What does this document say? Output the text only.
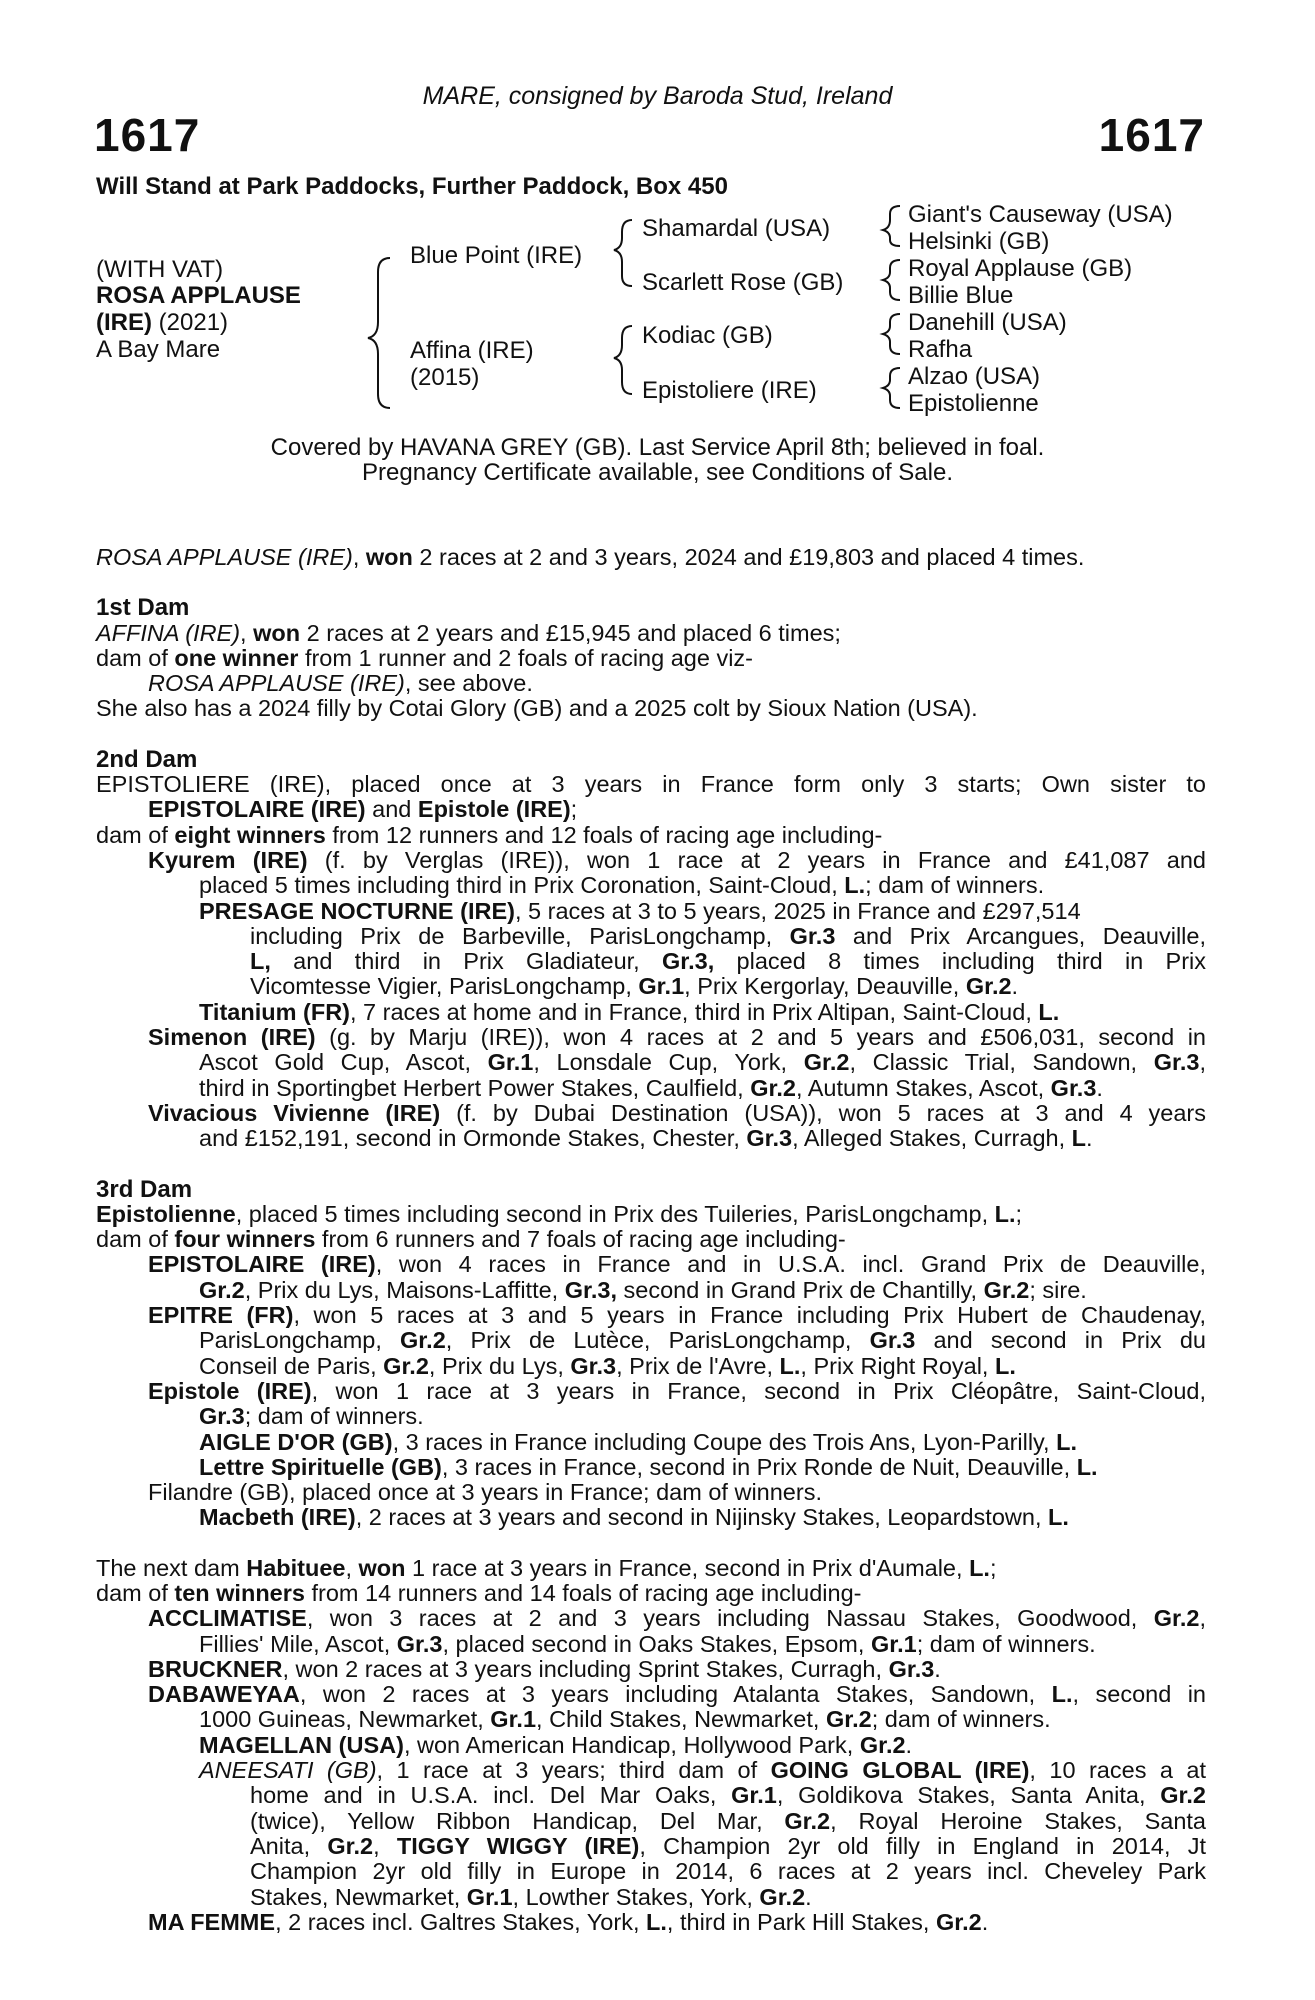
MARE, consigned by Baroda Stud, Ireland
1617	1617
Will Stand at Park Paddocks, Further Paddock, Box 450
(WITH VAT)
ROSA APPLAUSE
(IRE) (2021)
A Bay Mare
Blue Point (IRE)
Affina (IRE)
(2015)
Shamardal (USA)
Scarlett Rose (GB)
Kodiac (GB)
Epistoliere (IRE)
Giant's Causeway (USA)
Helsinki (GB)
Royal Applause (GB)
Billie Blue
Danehill (USA)
Rafha
Alzao (USA)
Epistolienne
Covered by HAVANA GREY (GB). Last Service April 8th; believed in foal.
Pregnancy Certificate available, see Conditions of Sale.

ROSA APPLAUSE (IRE), won 2 races at 2 and 3 years, 2024 and £19,803 and placed 4 times.

1st Dam

AFFINA (IRE), won 2 races at 2 years and £15,945 and placed 6 times;

dam of one winner from 1 runner and 2 foals of racing age viz-

ROSA APPLAUSE (IRE), see above.

She also has a 2024 filly by Cotai Glory (GB) and a 2025 colt by Sioux Nation (USA).

2nd Dam

EPISTOLIERE (IRE), placed once at 3 years in France form only 3 starts; Own sister to

EPISTOLAIRE (IRE) and Epistole (IRE);

dam of eight winners from 12 runners and 12 foals of racing age including-

Kyurem (IRE) (f. by Verglas (IRE)), won 1 race at 2 years in France and £41,087 and

placed 5 times including third in Prix Coronation, Saint-Cloud, L.; dam of winners.

PRESAGE NOCTURNE (IRE), 5 races at 3 to 5 years, 2025 in France and £297,514

including Prix de Barbeville, ParisLongchamp, Gr.3 and Prix Arcangues, Deauville,

L, and third in Prix Gladiateur, Gr.3, placed 8 times including third in Prix

Vicomtesse Vigier, ParisLongchamp, Gr.1, Prix Kergorlay, Deauville, Gr.2.

Titanium (FR), 7 races at home and in France, third in Prix Altipan, Saint-Cloud, L.

Simenon (IRE) (g. by Marju (IRE)), won 4 races at 2 and 5 years and £506,031, second in

Ascot Gold Cup, Ascot, Gr.1, Lonsdale Cup, York, Gr.2, Classic Trial, Sandown, Gr.3,

third in Sportingbet Herbert Power Stakes, Caulfield, Gr.2, Autumn Stakes, Ascot, Gr.3.

Vivacious Vivienne (IRE) (f. by Dubai Destination (USA)), won 5 races at 3 and 4 years

and £152,191, second in Ormonde Stakes, Chester, Gr.3, Alleged Stakes, Curragh, L.

3rd Dam

Epistolienne, placed 5 times including second in Prix des Tuileries, ParisLongchamp, L.;

dam of four winners from 6 runners and 7 foals of racing age including-

EPISTOLAIRE (IRE), won 4 races in France and in U.S.A. incl. Grand Prix de Deauville,

Gr.2, Prix du Lys, Maisons-Laffitte, Gr.3, second in Grand Prix de Chantilly, Gr.2; sire.

EPITRE (FR), won 5 races at 3 and 5 years in France including Prix Hubert de Chaudenay,

ParisLongchamp, Gr.2, Prix de Lutèce, ParisLongchamp, Gr.3 and second in Prix du

Conseil de Paris, Gr.2, Prix du Lys, Gr.3, Prix de l'Avre, L., Prix Right Royal, L.

Epistole (IRE), won 1 race at 3 years in France, second in Prix Cléopâtre, Saint-Cloud,

Gr.3; dam of winners.

AIGLE D'OR (GB), 3 races in France including Coupe des Trois Ans, Lyon-Parilly, L.

Lettre Spirituelle (GB), 3 races in France, second in Prix Ronde de Nuit, Deauville, L.

Filandre (GB), placed once at 3 years in France; dam of winners.

Macbeth (IRE), 2 races at 3 years and second in Nijinsky Stakes, Leopardstown, L.

The next dam Habituee, won 1 race at 3 years in France, second in Prix d'Aumale, L.;

dam of ten winners from 14 runners and 14 foals of racing age including-

ACCLIMATISE, won 3 races at 2 and 3 years including Nassau Stakes, Goodwood, Gr.2,

Fillies' Mile, Ascot, Gr.3, placed second in Oaks Stakes, Epsom, Gr.1; dam of winners.

BRUCKNER, won 2 races at 3 years including Sprint Stakes, Curragh, Gr.3.

DABAWEYAA, won 2 races at 3 years including Atalanta Stakes, Sandown, L., second in

1000 Guineas, Newmarket, Gr.1, Child Stakes, Newmarket, Gr.2; dam of winners.

MAGELLAN (USA), won American Handicap, Hollywood Park, Gr.2.

ANEESATI (GB), 1 race at 3 years; third dam of GOING GLOBAL (IRE), 10 races a at

home and in U.S.A. incl. Del Mar Oaks, Gr.1, Goldikova Stakes, Santa Anita, Gr.2

(twice), Yellow Ribbon Handicap, Del Mar, Gr.2, Royal Heroine Stakes, Santa

Anita, Gr.2, TIGGY WIGGY (IRE), Champion 2yr old filly in England in 2014, Jt

Champion 2yr old filly in Europe in 2014, 6 races at 2 years incl. Cheveley Park

Stakes, Newmarket, Gr.1, Lowther Stakes, York, Gr.2.

MA FEMME, 2 races incl. Galtres Stakes, York, L., third in Park Hill Stakes, Gr.2.
